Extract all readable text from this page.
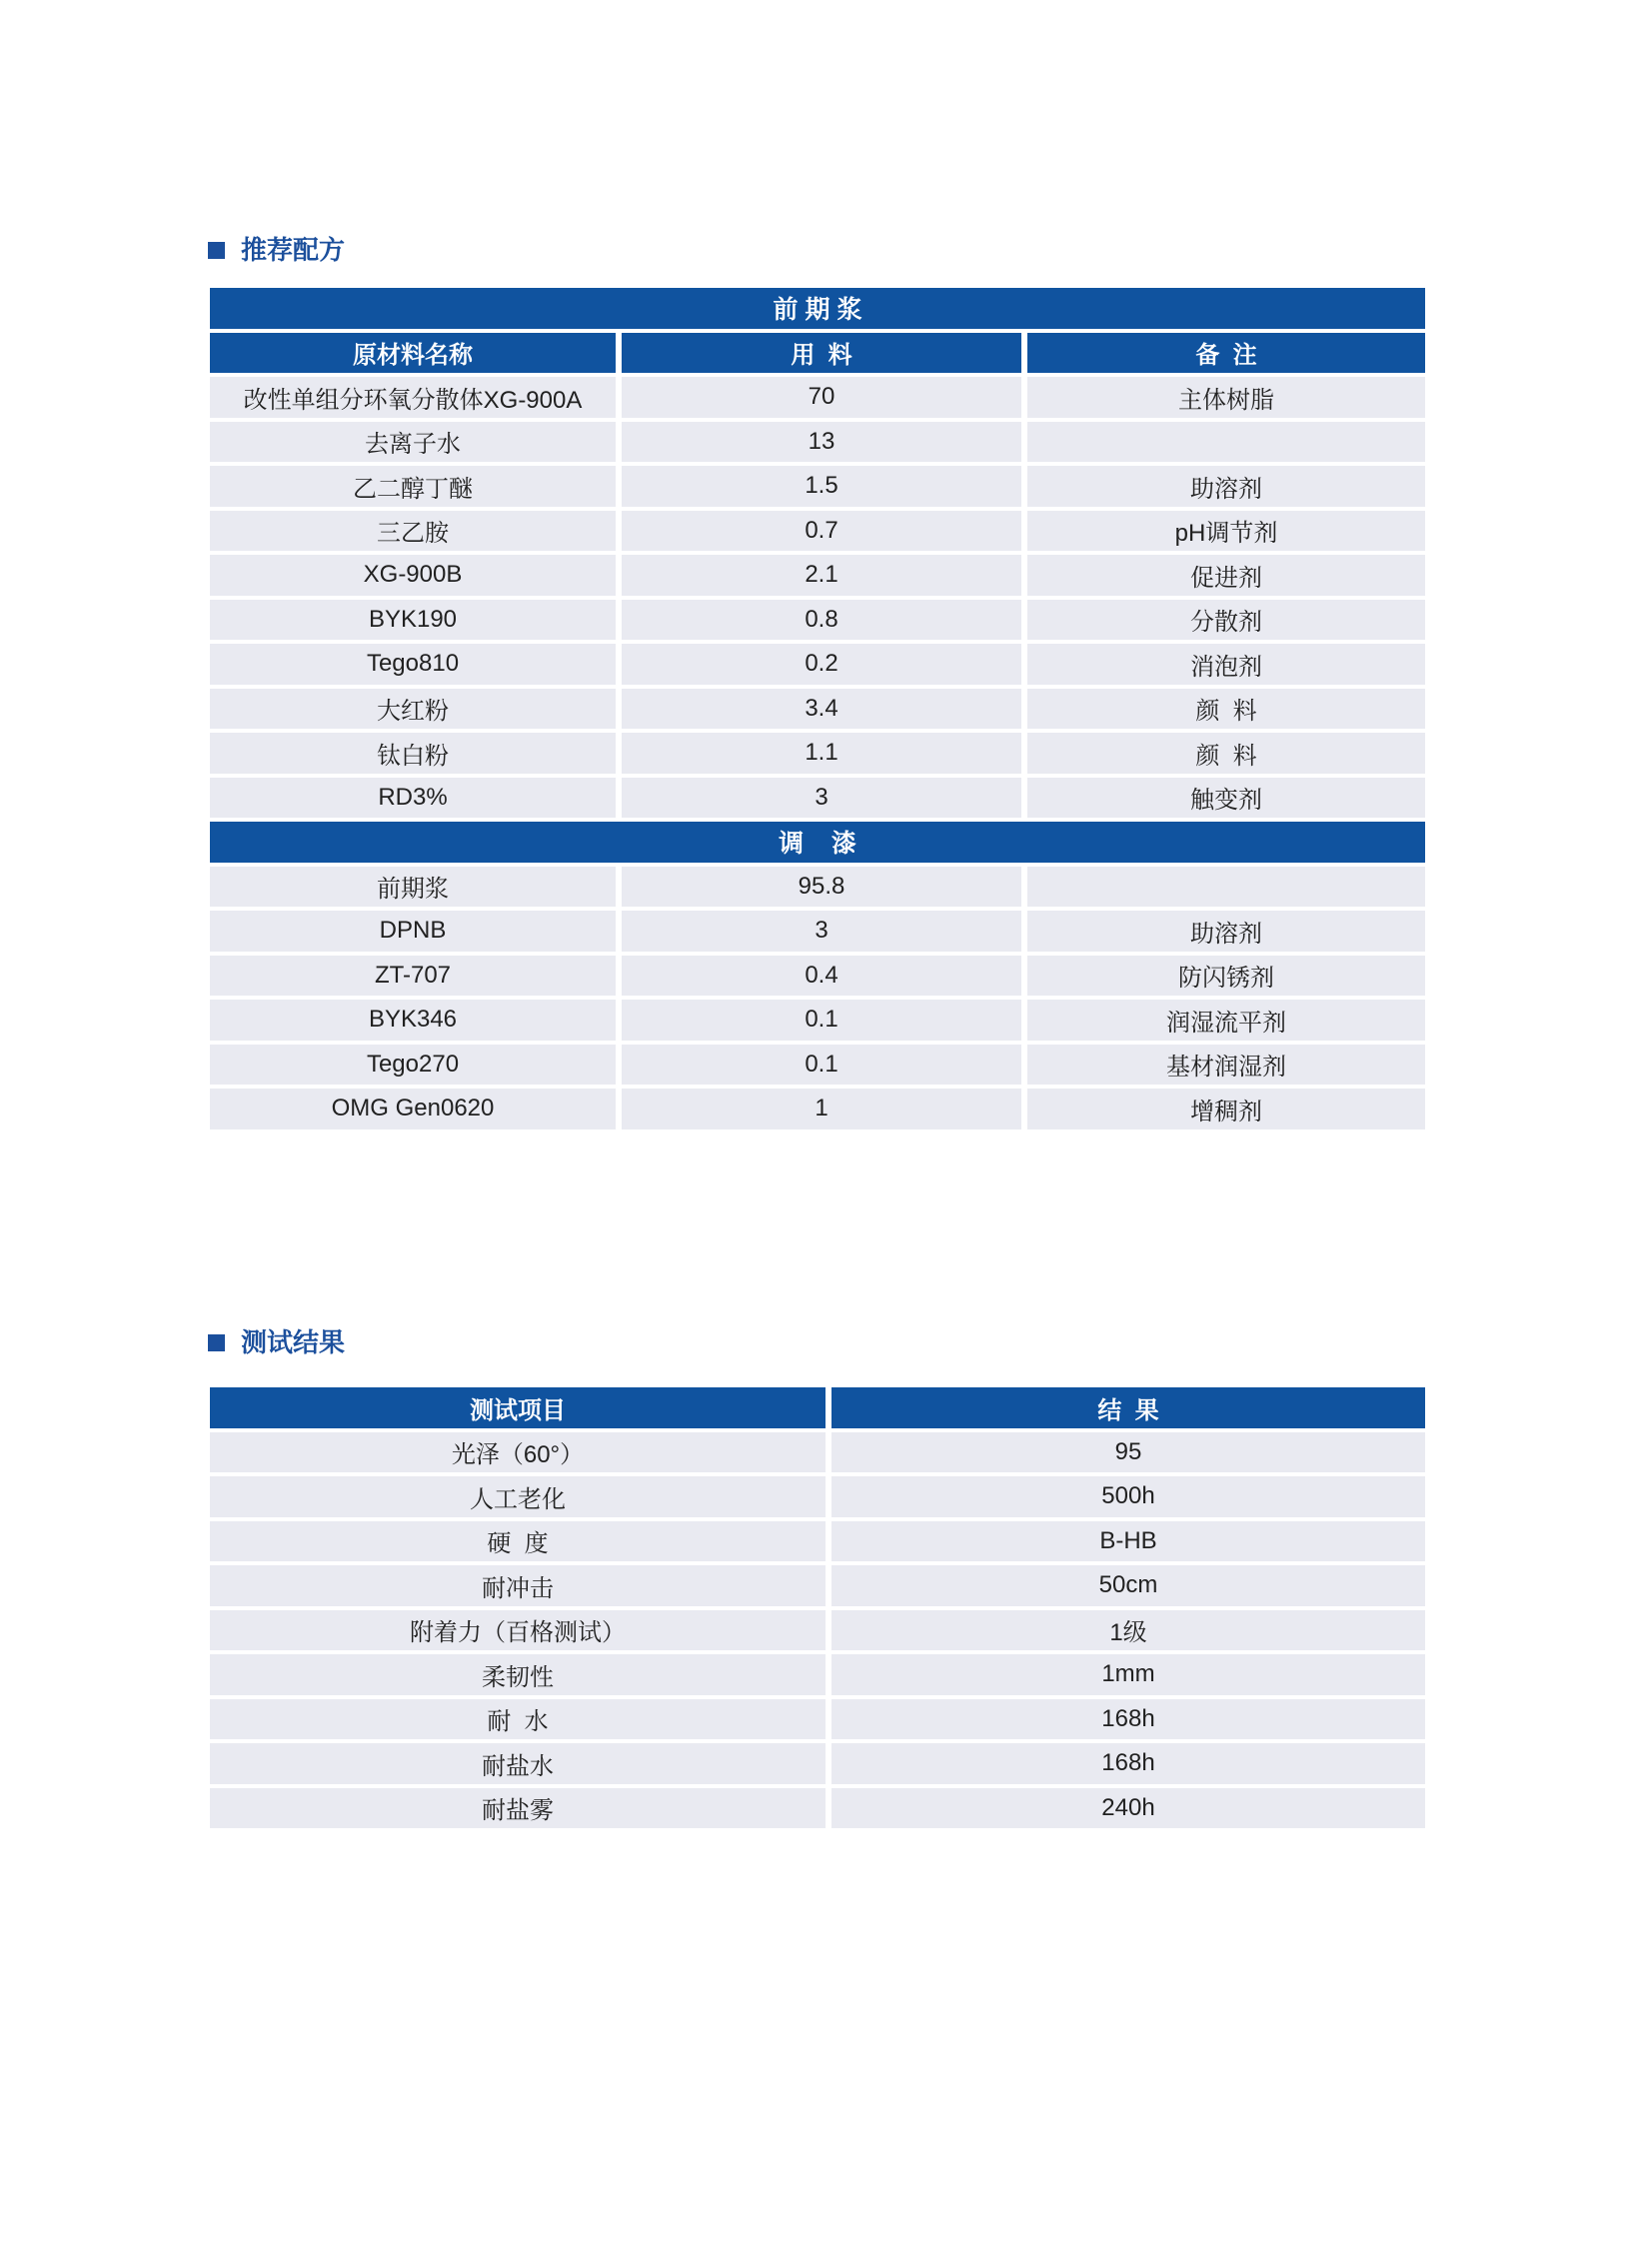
推荐配方
前 期 浆
原材料名称	用  料	备  注
改性单组分环氧分散体XG-900A	70	主体树脂
去离子水	13
乙二醇丁醚	1.5	助溶剂
三乙胺	0.7	pH调节剂
XG-900B	2.1	促进剂
BYK190	0.8	分散剂
Tego810	0.2	消泡剂
大红粉	3.4	颜  料
钛白粉	1.1	颜  料
RD3%	3	触变剂
调    漆
前期浆	95.8
DPNB	3	助溶剂
ZT-707	0.4	防闪锈剂
BYK346	0.1	润湿流平剂
Tego270	0.1	基材润湿剂
OMG Gen0620	1	增稠剂
测试结果
测试项目	结  果
光泽（60°）	95
人工老化	500h
硬  度	B-HB
耐冲击	50cm
附着力（百格测试）	1级
柔韧性	1mm
耐  水	168h
耐盐水	168h
耐盐雾	240h
